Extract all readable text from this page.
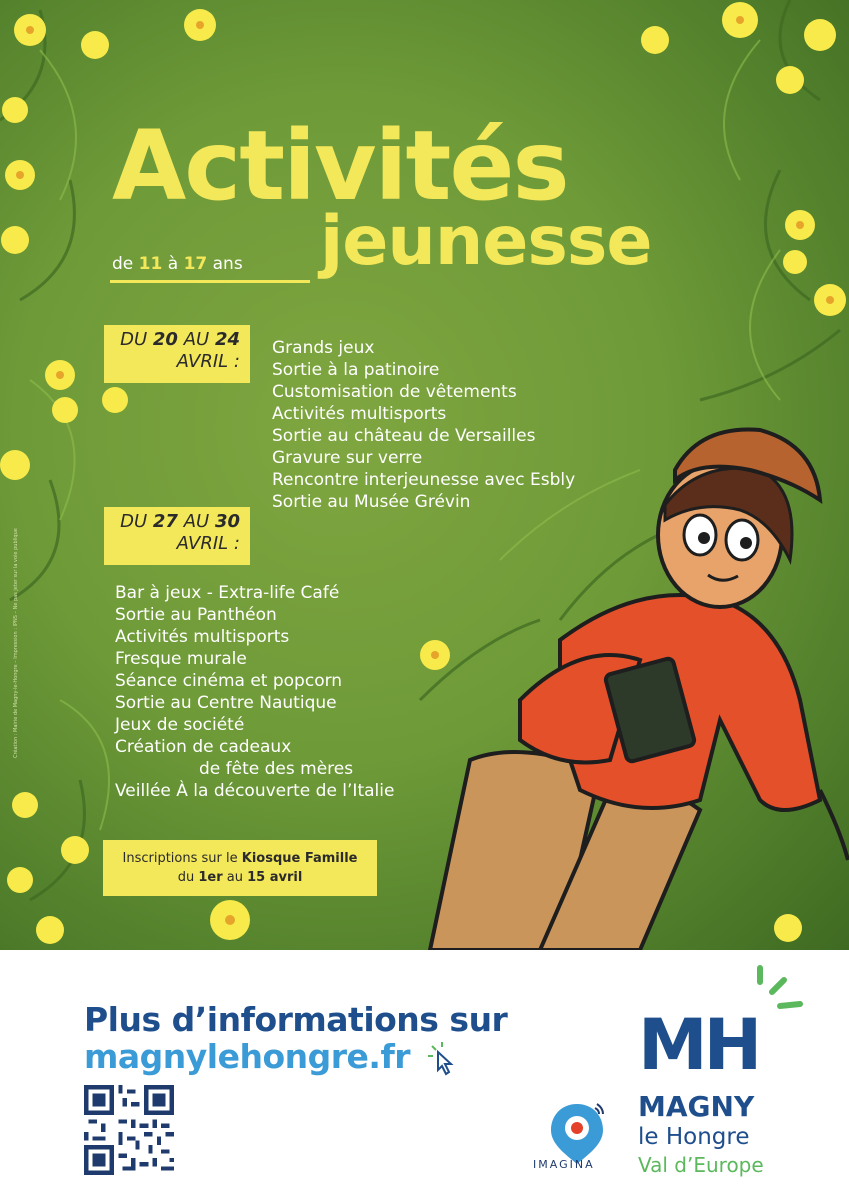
Activités
jeunesse
de 11 à 17 ans
DU 20 AU 24
AVRIL :
Grands jeux
Sortie à la patinoire
Customisation de vêtements
Activités multisports
Sortie au château de Versailles
Gravure sur verre
Rencontre interjeunesse avec Esbly
Sortie au Musée Grévin
DU 27 AU 30
AVRIL :
Bar à jeux - Extra-life Café
Sortie au Panthéon
Activités multisports
Fresque murale
Séance cinéma et popcorn
Sortie au Centre Nautique
Jeux de société
Création de cadeaux
de fête des mères
Veillée À la découverte de l’Italie
Inscriptions sur le Kiosque Famille
du 1er au 15 avril
Création : Mairie de Magny-le-Hongre – Impression : IPNS – Ne pas jeter sur la voie publique
Plus d’informations sur
magnylehongre.fr
IMAGINA
MH
MAGNY
le Hongre
Val d’Europe
